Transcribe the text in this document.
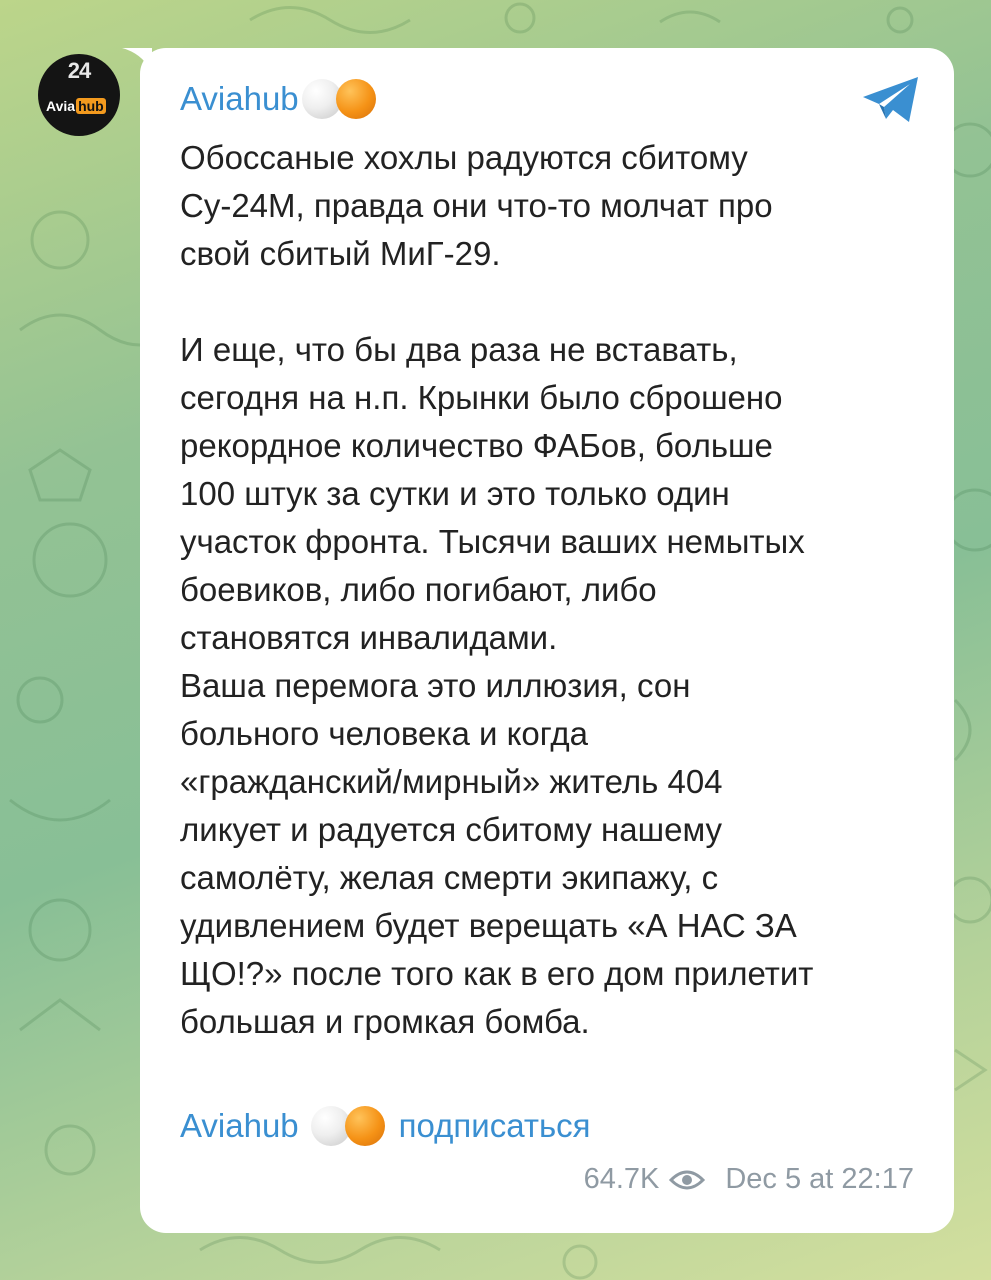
24
Avia hub Aviahub

Обоссаные хохлы радуются сбитому

Су-24М, правда они что-то молчат про

свой сбитый МиГ-29.

И еще, что бы два раза не вставать,

сегодня на н.п. Крынки было сброшено

рекордное количество ФАБов, больше

100 штук за сутки и это только один

участок фронта. Тысячи ваших немытых

боевиков, либо погибают, либо

становятся инвалидами.

Ваша перемога это иллюзия, сон

больного человека и когда

«гражданский/мирный» житель 404

ликует и радуется сбитому нашему

самолёту, желая смерти экипажу, с

удивлением будет верещать «А НАС ЗА

ЩО!?» после того как в его дом прилетит

большая и громкая бомба.

Aviahub	подписаться
64.7K Dec 5 at 22:17
